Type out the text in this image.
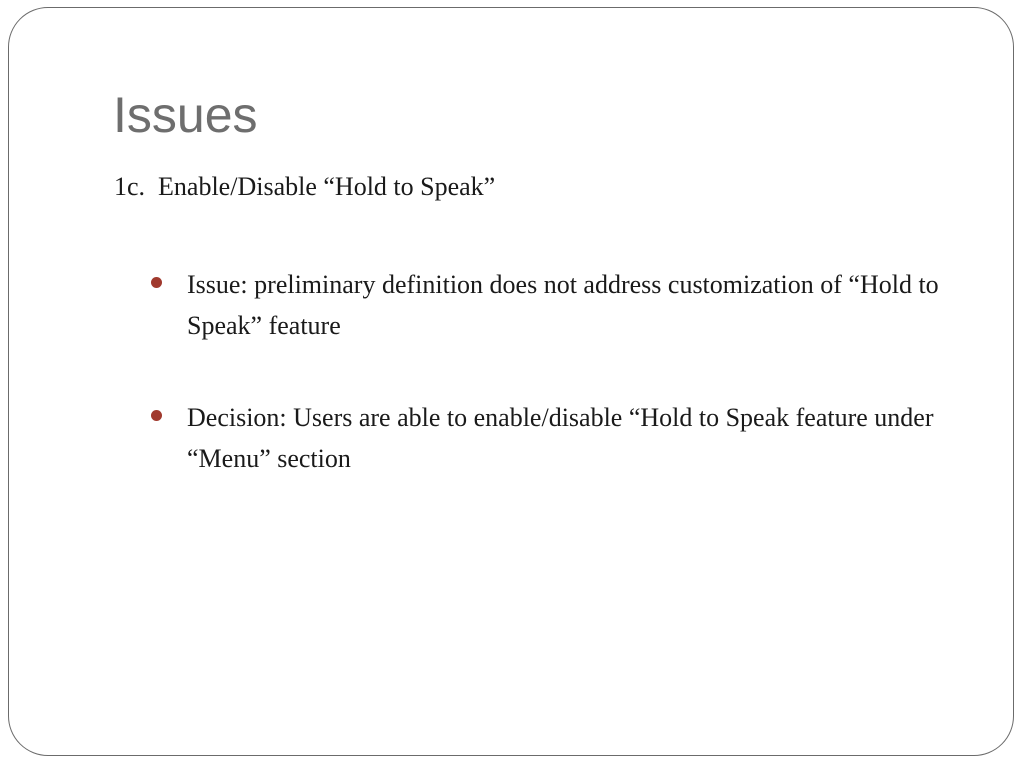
Issues
1c.  Enable/Disable “Hold to Speak”
Issue: preliminary definition does not address customization of “Hold to Speak” feature
Decision: Users are able to enable/disable “Hold to Speak feature under “Menu” section
